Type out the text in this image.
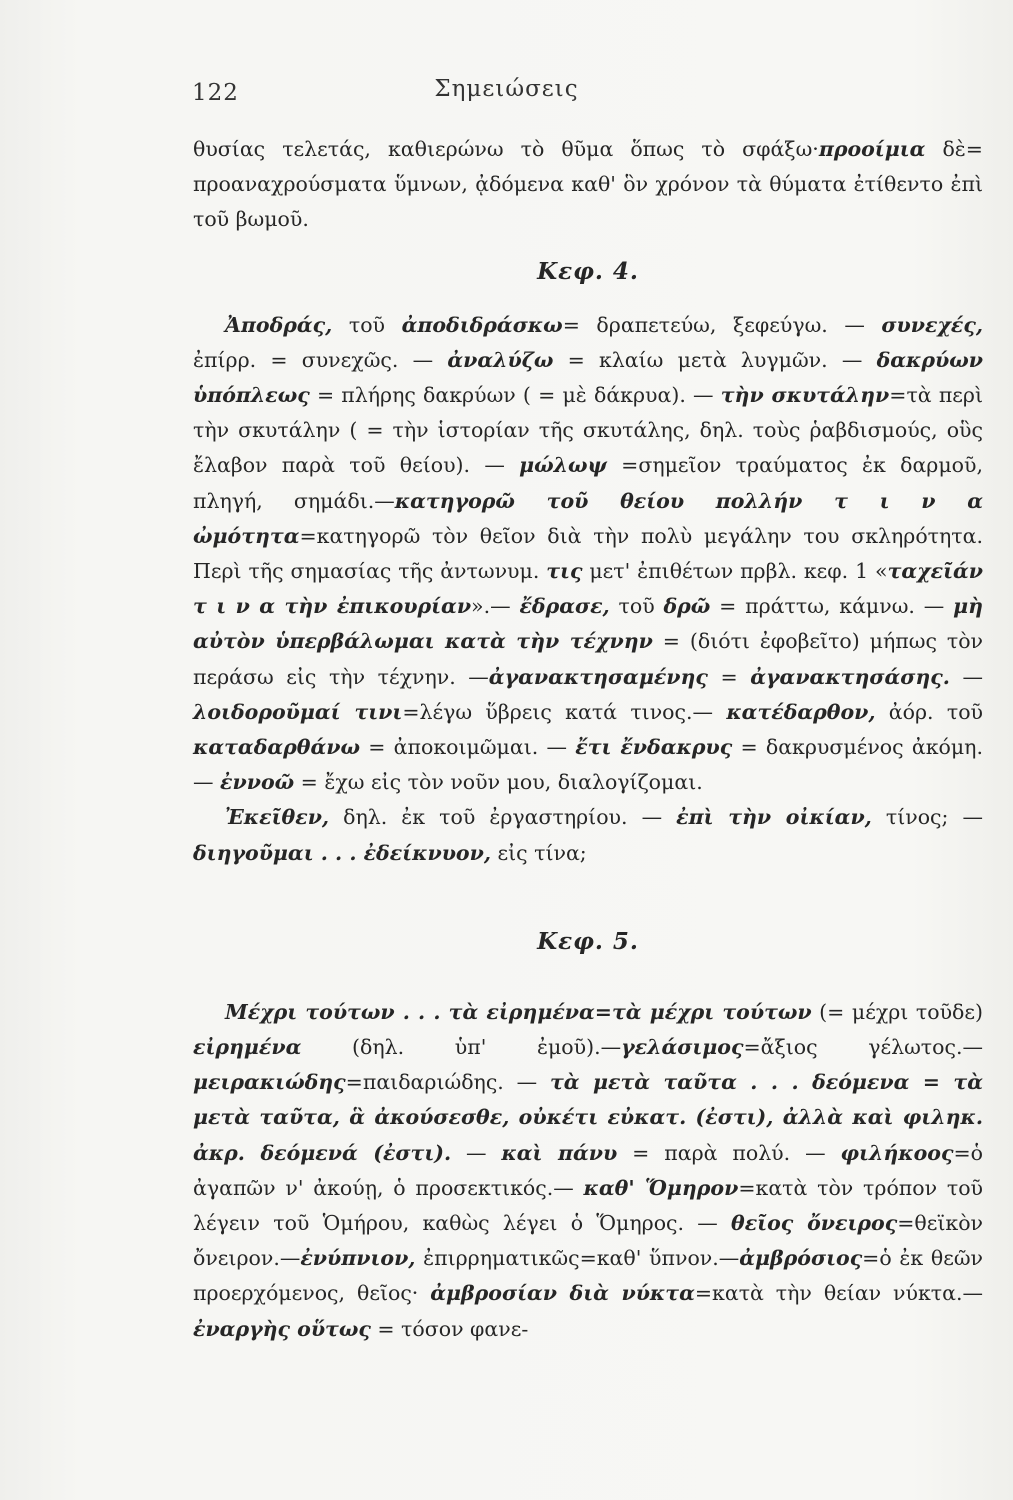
122	Σημειώσεις

θυσίας τελετάς, καθιερώνω τὸ θῦμα ὅπως τὸ σφάξω·προοίμια δὲ= προαναχρούσματα ὕμνων, ᾀδόμενα καθ' ὃν χρόνον τὰ θύματα ἐτίθεντο ἐπὶ τοῦ βωμοῦ.

Κεφ. 4.

Ἀποδράς, τοῦ ἀποδιδράσκω= δραπετεύω, ξεφεύγω. — συνεχές, ἐπίρρ. = συνεχῶς. — ἀναλύζω = κλαίω μετὰ λυγμῶν. — δακρύων ὑπόπλεως = πλήρης δακρύων ( = μὲ δάκρυα). — τὴν σκυτάλην=τὰ περὶ τὴν σκυτάλην ( = τὴν ἱστορίαν τῆς σκυτάλης, δηλ. τοὺς ῥαβδισμούς, οὓς ἔλαβον παρὰ τοῦ θείου). — μώλωψ =σημεῖον τραύματος ἐκ δαρμοῦ, πληγή, σημάδι.—κατηγορῶ τοῦ θείου πολλήν τ ι ν α ὠμότητα=κατηγορῶ τὸν θεῖον διὰ τὴν πολὺ μεγάλην του σκληρότητα. Περὶ τῆς σημασίας τῆς ἀντωνυμ. τις μετ' ἐπιθέτων πρβλ. κεφ. 1 «ταχεῖάν τ ι ν α τὴν ἐπικουρίαν».— ἔδρασε, τοῦ δρῶ = πράττω, κάμνω. — μὴ αὐτὸν ὑπερβάλωμαι κατὰ τὴν τέχνην = (διότι ἐφοβεῖτο) μήπως τὸν περάσω εἰς τὴν τέχνην. —ἀγανακτησαμένης = ἀγανακτησάσης. — λοιδοροῦμαί τινι=λέγω ὕβρεις κατά τινος.— κατέδαρθον, ἀόρ. τοῦ καταδαρθάνω = ἀποκοιμῶμαι. — ἔτι ἔνδακρυς = δακρυσμένος ἀκόμη.— ἐννοῶ = ἔχω εἰς τὸν νοῦν μου, διαλογίζομαι.

Ἐκεῖθεν, δηλ. ἐκ τοῦ ἐργαστηρίου. — ἐπὶ τὴν οἰκίαν, τίνος; — διηγοῦμαι . . . ἐδείκνυον, εἰς τίνα;

Κεφ. 5.

Μέχρι τούτων . . . τὰ εἰρημένα=τὰ μέχρι τούτων (= μέχρι τοῦδε) εἰρημένα (δηλ. ὑπ' ἐμοῦ).—γελάσιμος=ἄξιος γέλωτος.— μειρακιώδης=παιδαριώδης. — τὰ μετὰ ταῦτα . . . δεόμενα = τὰ μετὰ ταῦτα, ἃ ἀκούσεσθε, οὐκέτι εὐκατ. (ἐστι), ἀλλὰ καὶ φιληκ. ἀκρ. δεόμενά (ἐστι). — καὶ πάνυ = παρὰ πολύ. — φιλήκοος=ὁ ἀγαπῶν ν' ἀκούῃ, ὁ προσεκτικός.— καθ' Ὅμηρον=κατὰ τὸν τρόπον τοῦ λέγειν τοῦ Ὁμήρου, καθὼς λέγει ὁ Ὅμηρος. — θεῖος ὄνειρος=θεϊκὸν ὄνειρον.—ἐνύπνιον, ἐπιρρηματικῶς=καθ' ὕπνον.—ἀμβρόσιος=ὁ ἐκ θεῶν προερχόμενος, θεῖος· ἀμβροσίαν διὰ νύκτα=κατὰ τὴν θείαν νύκτα.—ἐναργὴς οὕτως = τόσον φανε-
